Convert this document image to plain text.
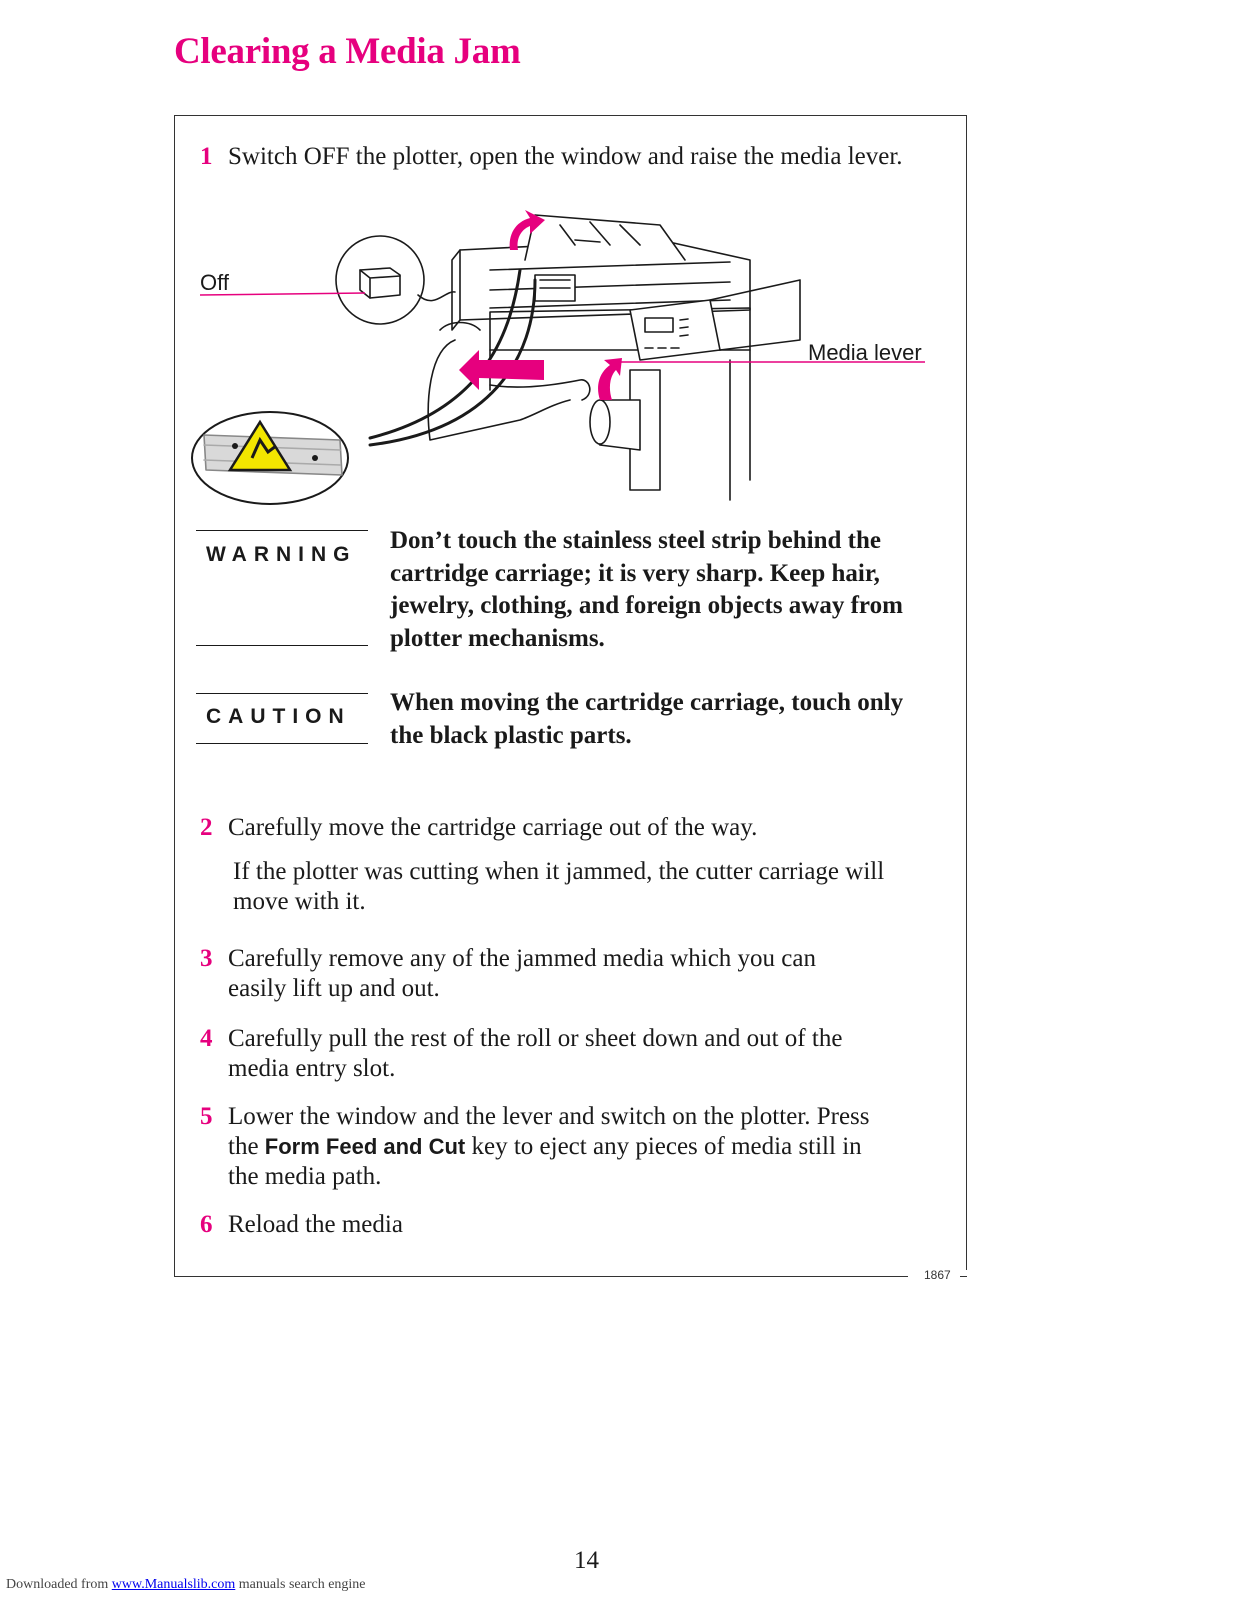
Clearing a Media Jam
1867
1 Switch OFF the plotter, open the window and raise the media lever.
Off
Media lever
WARNING
Don’t touch the stainless steel strip behind the cartridge carriage; it is very sharp. Keep hair, jewelry, clothing, and foreign objects away from plotter mechanisms.
CAUTION
When moving the cartridge carriage, touch only the black plastic parts.
2 Carefully move the cartridge carriage out of the way.
If the plotter was cutting when it jammed, the cutter carriage will move with it.
3 Carefully remove any of the jammed media which you can easily lift up and out.
4 Carefully pull the rest of the roll or sheet down and out of the media entry slot.
5 Lower the window and the lever and switch on the plotter. Press the Form Feed and Cut key to eject any pieces of media still in the media path.
6 Reload the media
14
Downloaded from www.Manualslib.com manuals search engine
